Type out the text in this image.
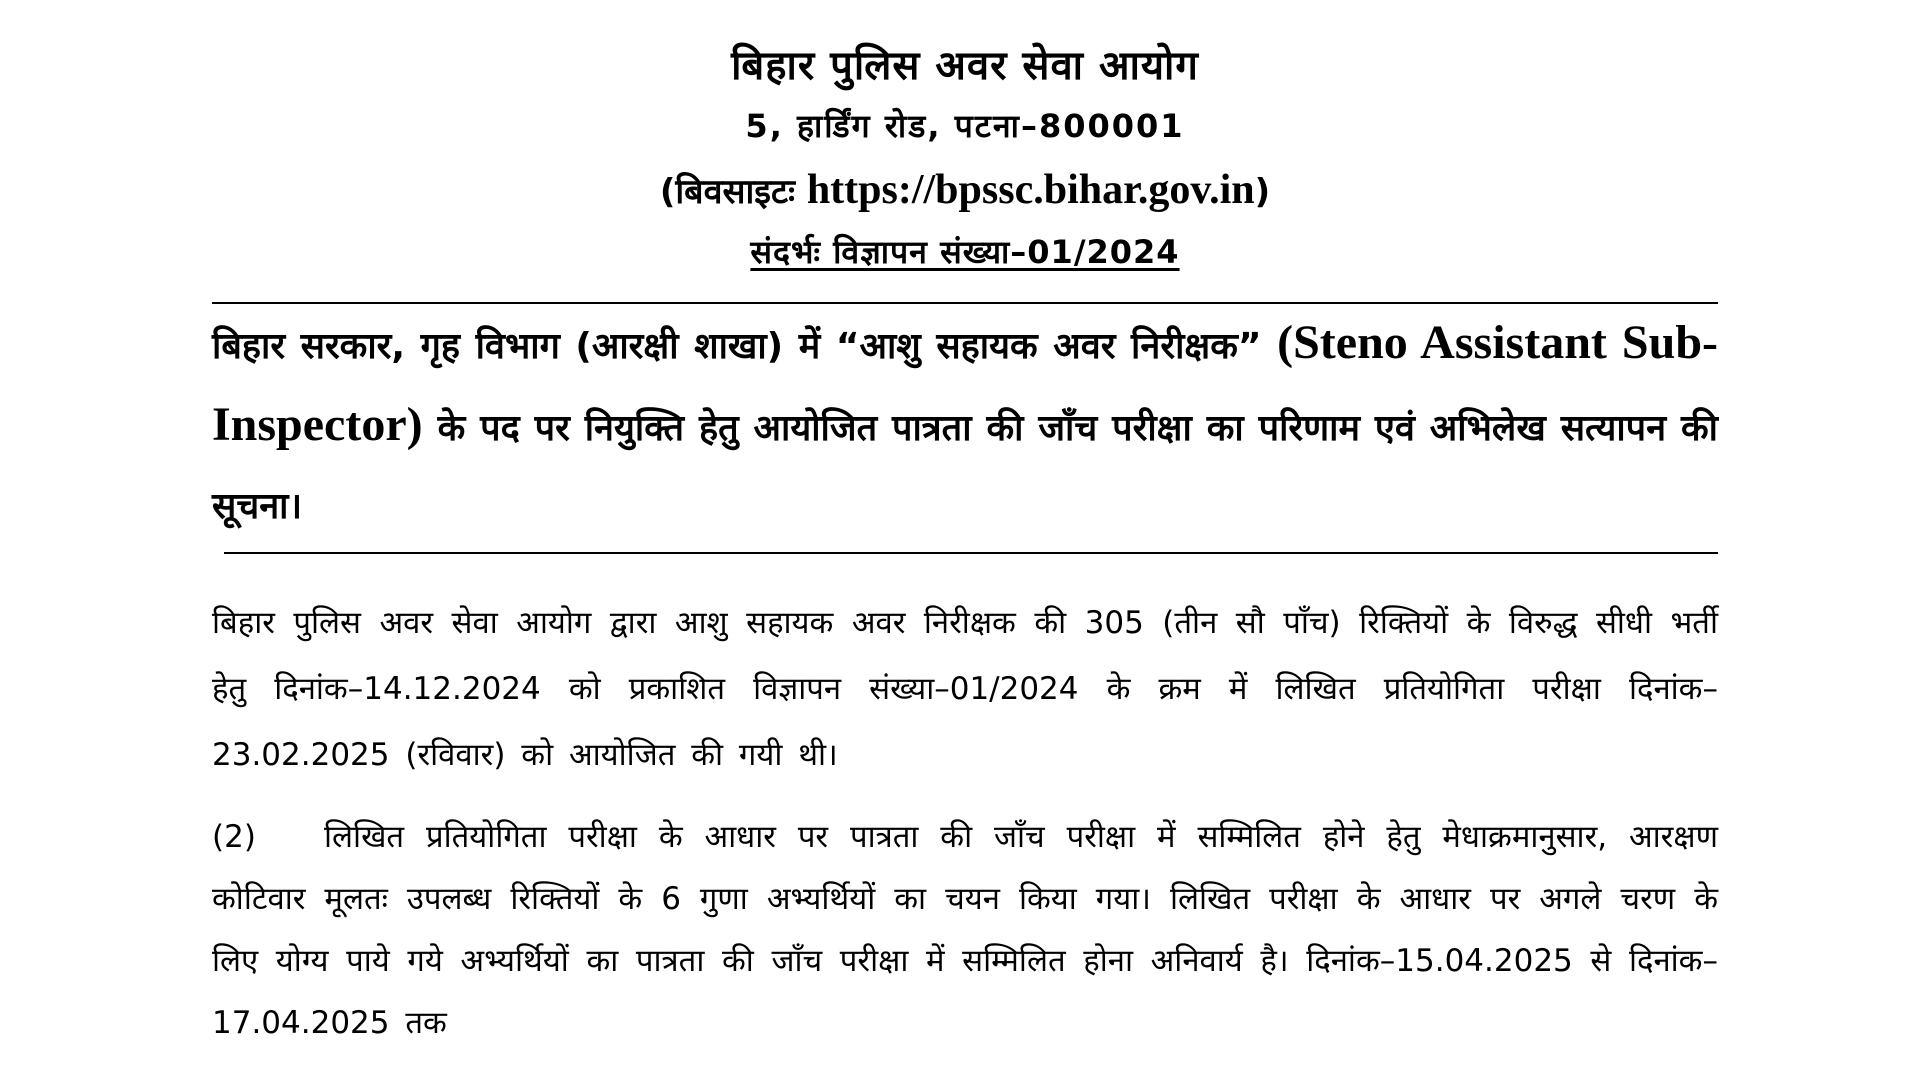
बिहार पुलिस अवर सेवा आयोग
5, हार्डिंग रोड, पटना–800001
(बिवसाइटः https://bpssc.bihar.gov.in)
संदर्भः विज्ञापन संख्या–01/2024
बिहार सरकार, गृह विभाग (आरक्षी शाखा) में “आशु सहायक अवर निरीक्षक” (Steno Assistant Sub-Inspector) के पद पर नियुक्ति हेतु आयोजित पात्रता की जाँच परीक्षा का परिणाम एवं अभिलेख सत्यापन की सूचना।
बिहार पुलिस अवर सेवा आयोग द्वारा आशु सहायक अवर निरीक्षक की 305 (तीन सौ पाँच) रिक्तियों के विरुद्ध सीधी भर्ती हेतु दिनांक–14.12.2024 को प्रकाशित विज्ञापन संख्या–01/2024 के क्रम में लिखित प्रतियोगिता परीक्षा दिनांक–23.02.2025 (रविवार) को आयोजित की गयी थी।
(2) लिखित प्रतियोगिता परीक्षा के आधार पर पात्रता की जाँच परीक्षा में सम्मिलित होने हेतु मेधाक्रमानुसार, आरक्षण कोटिवार मूलतः उपलब्ध रिक्तियों के 6 गुणा अभ्यर्थियों का चयन किया गया। लिखित परीक्षा के आधार पर अगले चरण के लिए योग्य पाये गये अभ्यर्थियों का पात्रता की जाँच परीक्षा में सम्मिलित होना अनिवार्य है। दिनांक–15.04.2025 से दिनांक–17.04.2025 तक
